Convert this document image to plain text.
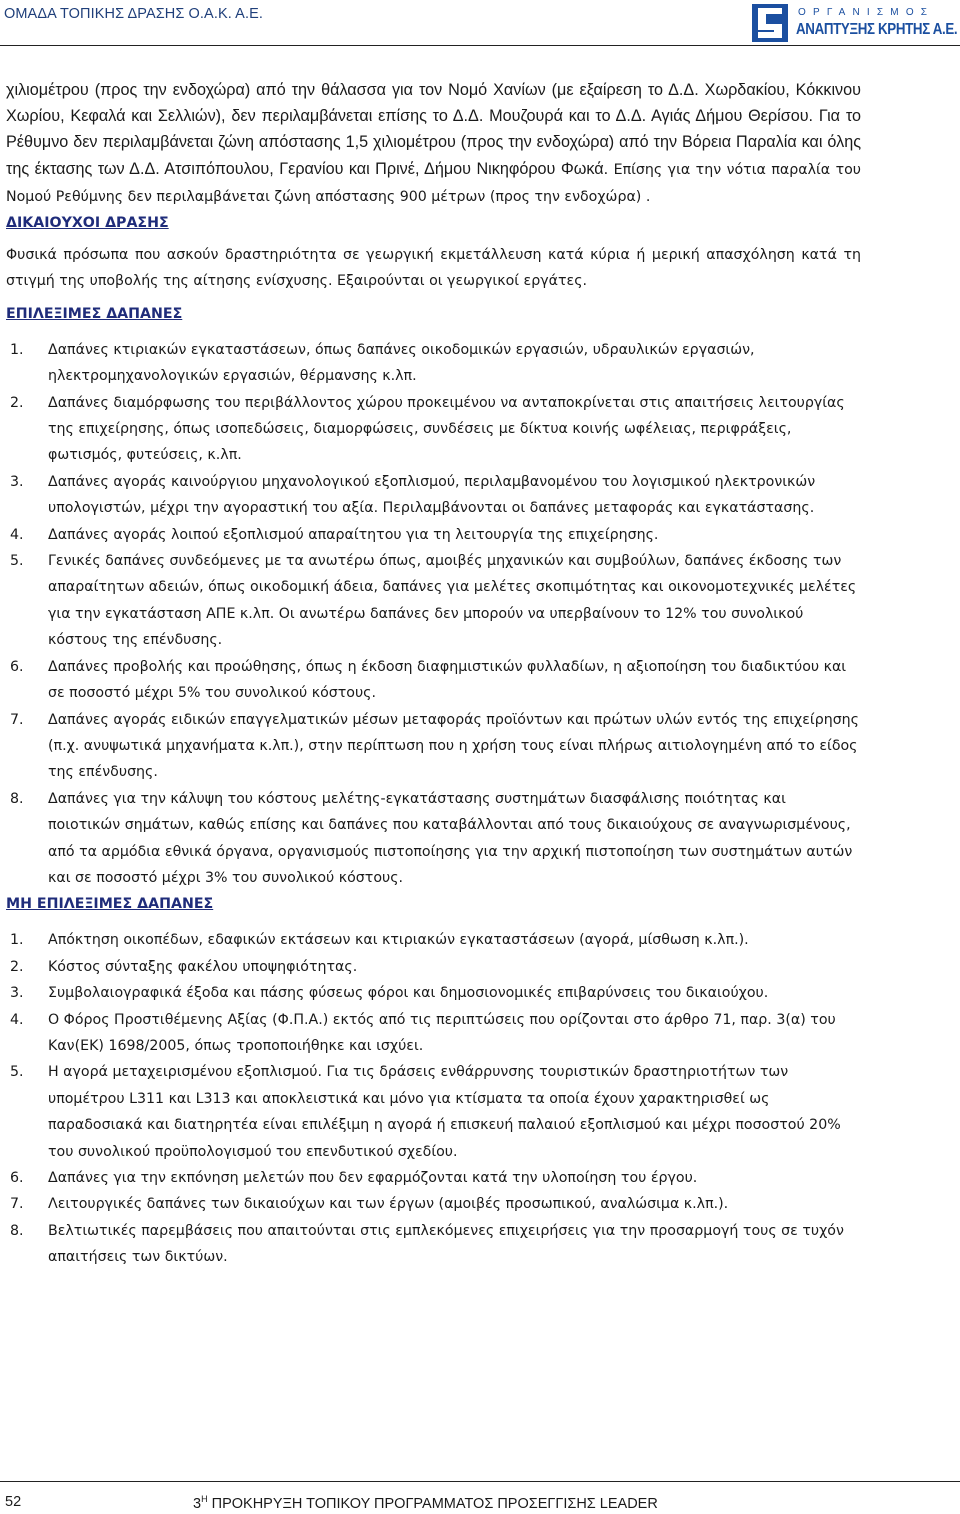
ΟΜΑΔΑ ΤΟΠΙΚΗΣ ΔΡΑΣΗΣ Ο.Α.Κ. Α.Ε.	ΟΡΓΑΝΙΣΜΟΣ
ΑΝΑΠΤΥΞΗΣ ΚΡΗΤΗΣ Α.Ε.
χιλιομέτρου (προς την ενδοχώρα) από την θάλασσα για τον Νομό Χανίων (με εξαίρεση το Δ.Δ. Χωρδακίου, Κόκκινου Χωρίου, Κεφαλά και Σελλιών), δεν περιλαμβάνεται επίσης το Δ.Δ. Μουζουρά και το Δ.Δ. Αγιάς Δήμου Θερίσου. Για το Ρέθυμνο δεν περιλαμβάνεται ζώνη απόστασης 1,5 χιλιομέτρου (προς την ενδοχώρα) από την Βόρεια Παραλία και όλης της έκτασης των Δ.Δ. Ατσιπόπουλου, Γερανίου και Πρινέ, Δήμου Νικηφόρου Φωκά. Επίσης για την νότια παραλία του Νομού Ρεθύμνης δεν περιλαμβάνεται ζώνη απόστασης 900 μέτρων (προς την ενδοχώρα) .
ΔΙΚΑΙΟΥΧΟΙ ΔΡΑΣΗΣ
Φυσικά πρόσωπα που ασκούν δραστηριότητα σε γεωργική εκμετάλλευση κατά κύρια ή μερική απασχόληση κατά τη στιγμή της υποβολής της αίτησης ενίσχυσης. Εξαιρούνται οι γεωργικοί εργάτες.
ΕΠΙΛΕΞΙΜΕΣ ΔΑΠΑΝΕΣ
1. Δαπάνες κτιριακών εγκαταστάσεων, όπως δαπάνες οικοδομικών εργασιών, υδραυλικών εργασιών, ηλεκτρομηχανολογικών εργασιών, θέρμανσης κ.λπ.
2. Δαπάνες διαμόρφωσης του περιβάλλοντος χώρου προκειμένου να ανταποκρίνεται στις απαιτήσεις λειτουργίας της επιχείρησης, όπως ισοπεδώσεις, διαμορφώσεις, συνδέσεις με δίκτυα κοινής ωφέλειας, περιφράξεις, φωτισμός, φυτεύσεις, κ.λπ.
3. Δαπάνες αγοράς καινούργιου μηχανολογικού εξοπλισμού, περιλαμβανομένου του λογισμικού ηλεκτρονικών υπολογιστών, μέχρι την αγοραστική του αξία. Περιλαμβάνονται οι δαπάνες μεταφοράς και εγκατάστασης.
4. Δαπάνες αγοράς λοιπού εξοπλισμού απαραίτητου για τη λειτουργία της επιχείρησης.
5. Γενικές δαπάνες συνδεόμενες με τα ανωτέρω όπως, αμοιβές μηχανικών και συμβούλων, δαπάνες έκδοσης των απαραίτητων αδειών, όπως οικοδομική άδεια, δαπάνες για μελέτες σκοπιμότητας και οικονομοτεχνικές μελέτες για την εγκατάσταση ΑΠΕ κ.λπ. Οι ανωτέρω δαπάνες δεν μπορούν να υπερβαίνουν το 12% του συνολικού κόστους της επένδυσης.
6. Δαπάνες προβολής και προώθησης, όπως η έκδοση διαφημιστικών φυλλαδίων, η αξιοποίηση του διαδικτύου και σε ποσοστό μέχρι 5% του συνολικού κόστους.
7. Δαπάνες αγοράς ειδικών επαγγελματικών μέσων μεταφοράς προϊόντων και πρώτων υλών εντός της επιχείρησης (π.χ. ανυψωτικά μηχανήματα κ.λπ.), στην περίπτωση που η χρήση τους είναι πλήρως αιτιολογημένη από το είδος της επένδυσης.
8. Δαπάνες για την κάλυψη του κόστους μελέτης-εγκατάστασης συστημάτων διασφάλισης ποιότητας και ποιοτικών σημάτων, καθώς επίσης και δαπάνες που καταβάλλονται από τους δικαιούχους σε αναγνωρισμένους, από τα αρμόδια εθνικά όργανα, οργανισμούς πιστοποίησης για την αρχική πιστοποίηση των συστημάτων αυτών και σε ποσοστό μέχρι 3% του συνολικού κόστους.
ΜΗ ΕΠΙΛΕΞΙΜΕΣ ΔΑΠΑΝΕΣ
1. Απόκτηση οικοπέδων, εδαφικών εκτάσεων και κτιριακών εγκαταστάσεων (αγορά, μίσθωση κ.λπ.).
2. Κόστος σύνταξης φακέλου υποψηφιότητας.
3. Συμβολαιογραφικά έξοδα και πάσης φύσεως φόροι και δημοσιονομικές επιβαρύνσεις του δικαιούχου.
4. Ο Φόρος Προστιθέμενης Αξίας (Φ.Π.Α.) εκτός από τις περιπτώσεις που ορίζονται στο άρθρο 71, παρ. 3(α) του Καν(ΕΚ) 1698/2005, όπως τροποποιήθηκε και ισχύει.
5. Η αγορά μεταχειρισμένου εξοπλισμού. Για τις δράσεις ενθάρρυνσης τουριστικών δραστηριοτήτων των υπομέτρου L311 και L313 και αποκλειστικά και μόνο για κτίσματα τα οποία έχουν χαρακτηρισθεί ως παραδοσιακά και διατηρητέα είναι επιλέξιμη η αγορά ή επισκευή παλαιού εξοπλισμού και μέχρι ποσοστού 20% του συνολικού προϋπολογισμού του επενδυτικού σχεδίου.
6. Δαπάνες για την εκπόνηση μελετών που δεν εφαρμόζονται κατά την υλοποίηση του έργου.
7. Λειτουργικές δαπάνες των δικαιούχων και των έργων (αμοιβές προσωπικού, αναλώσιμα κ.λπ.).
8. Βελτιωτικές παρεμβάσεις που απαιτούνται στις εμπλεκόμενες επιχειρήσεις για την προσαρμογή τους σε τυχόν απαιτήσεις των δικτύων.
52	$3^H$ ΠΡΟΚΗΡΥΞΗ ΤΟΠΙΚΟΥ ΠΡΟΓΡΑΜΜΑΤΟΣ ΠΡΟΣΕΓΓΙΣΗΣ LEADER
